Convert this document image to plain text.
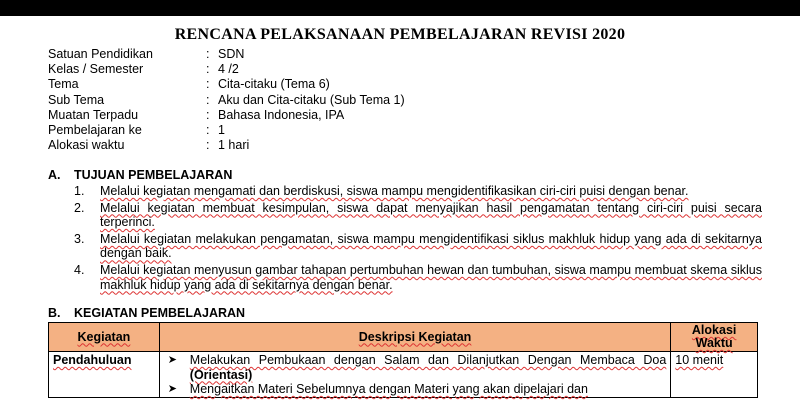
RENCANA PELAKSANAAN PEMBELAJARAN REVISI 2020
Satuan Pendidikan	: SDN
Kelas / Semester	: 4 /2
Tema	: Cita-citaku (Tema 6)
Sub Tema	: Aku dan Cita-citaku (Sub Tema 1)
Muatan Terpadu	: Bahasa Indonesia, IPA
Pembelajaran ke	: 1
Alokasi waktu	: 1 hari
A. TUJUAN PEMBELAJARAN
1.	Melalui kegiatan mengamati dan berdiskusi, siswa mampu mengidentifikasikan ciri-ciri puisi dengan benar.
2.	Melalui kegiatan membuat kesimpulan, siswa dapat menyajikan hasil pengamatan tentang ciri-ciri puisi secara terperinci.
3.	Melalui kegiatan melakukan pengamatan, siswa mampu mengidentifikasi siklus makhluk hidup yang ada di sekitarnya dengan baik.
4.	Melalui kegiatan menyusun gambar tahapan pertumbuhan hewan dan tumbuhan, siswa mampu membuat skema siklus makhluk hidup yang ada di sekitarnya dengan benar.
B. KEGIATAN PEMBELAJARAN
Kegiatan	Deskripsi Kegiatan	Alokasi Waktu
Pendahuluan	➤ Melakukan Pembukaan dengan Salam dan Dilanjutkan Dengan Membaca Doa (Orientasi)
➤ Mengaitkan Materi Sebelumnya dengan Materi yang akan dipelajari dan	10 menit
